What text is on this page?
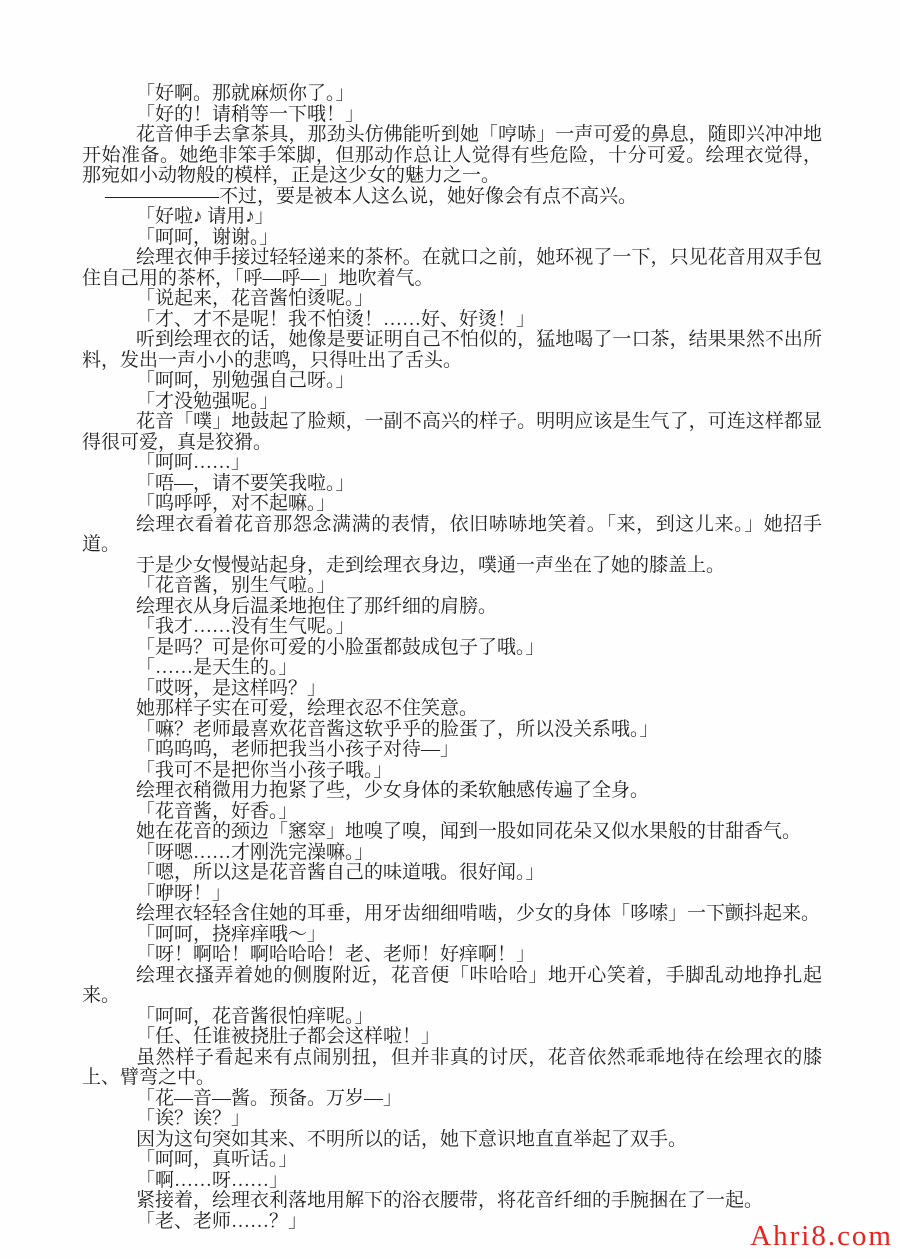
「好啊。那就麻烦你了。」

「好的！请稍等一下哦！」

花音伸手去拿茶具，那劲头仿佛能听到她「哼哧」一声可爱的鼻息，随即兴冲冲地开始准备。她绝非笨手笨脚，但那动作总让人觉得有些危险，十分可爱。绘理衣觉得，那宛如小动物般的模样，正是这少女的魅力之一。

——————不过，要是被本人这么说，她好像会有点不高兴。

「好啦♪ 请用♪」

「呵呵，谢谢。」

绘理衣伸手接过轻轻递来的茶杯。在就口之前，她环视了一下，只见花音用双手包住自己用的茶杯，「呼—呼—」地吹着气。

「说起来，花音酱怕烫呢。」

「才、才不是呢！我不怕烫！……好、好烫！」

听到绘理衣的话，她像是要证明自己不怕似的，猛地喝了一口茶，结果果然不出所料，发出一声小小的悲鸣，只得吐出了舌头。

「呵呵，别勉强自己呀。」

「才没勉强呢。」

花音「噗」地鼓起了脸颊，一副不高兴的样子。明明应该是生气了，可连这样都显得很可爱，真是狡猾。

「呵呵……」

「唔—，请不要笑我啦。」

「呜呼呼，对不起嘛。」

绘理衣看着花音那怨念满满的表情，依旧哧哧地笑着。「来，到这儿来。」她招手道。

于是少女慢慢站起身，走到绘理衣身边，噗通一声坐在了她的膝盖上。

「花音酱，别生气啦。」

绘理衣从身后温柔地抱住了那纤细的肩膀。

「我才……没有生气呢。」

「是吗？可是你可爱的小脸蛋都鼓成包子了哦。」

「……是天生的。」

「哎呀，是这样吗？」

她那样子实在可爱，绘理衣忍不住笑意。

「嘛？老师最喜欢花音酱这软乎乎的脸蛋了，所以没关系哦。」

「呜呜呜，老师把我当小孩子对待—」

「我可不是把你当小孩子哦。」

绘理衣稍微用力抱紧了些，少女身体的柔软触感传遍了全身。

「花音酱，好香。」

她在花音的颈边「窸窣」地嗅了嗅，闻到一股如同花朵又似水果般的甘甜香气。

「呀嗯……才刚洗完澡嘛。」

「嗯，所以这是花音酱自己的味道哦。很好闻。」

「咿呀！」

绘理衣轻轻含住她的耳垂，用牙齿细细啃啮，少女的身体「哆嗦」一下颤抖起来。

「呵呵，挠痒痒哦～」

「呀！啊哈！啊哈哈哈！老、老师！好痒啊！」

绘理衣搔弄着她的侧腹附近，花音便「咔哈哈」地开心笑着，手脚乱动地挣扎起来。

「呵呵，花音酱很怕痒呢。」

「任、任谁被挠肚子都会这样啦！」

虽然样子看起来有点闹别扭，但并非真的讨厌，花音依然乖乖地待在绘理衣的膝上、臂弯之中。

「花—音—酱。预备。万岁—」

「诶？诶？」

因为这句突如其来、不明所以的话，她下意识地直直举起了双手。

「呵呵，真听话。」

「啊……呀……」

紧接着，绘理衣利落地用解下的浴衣腰带，将花音纤细的手腕捆在了一起。

「老、老师……？」	Ahri8.com
